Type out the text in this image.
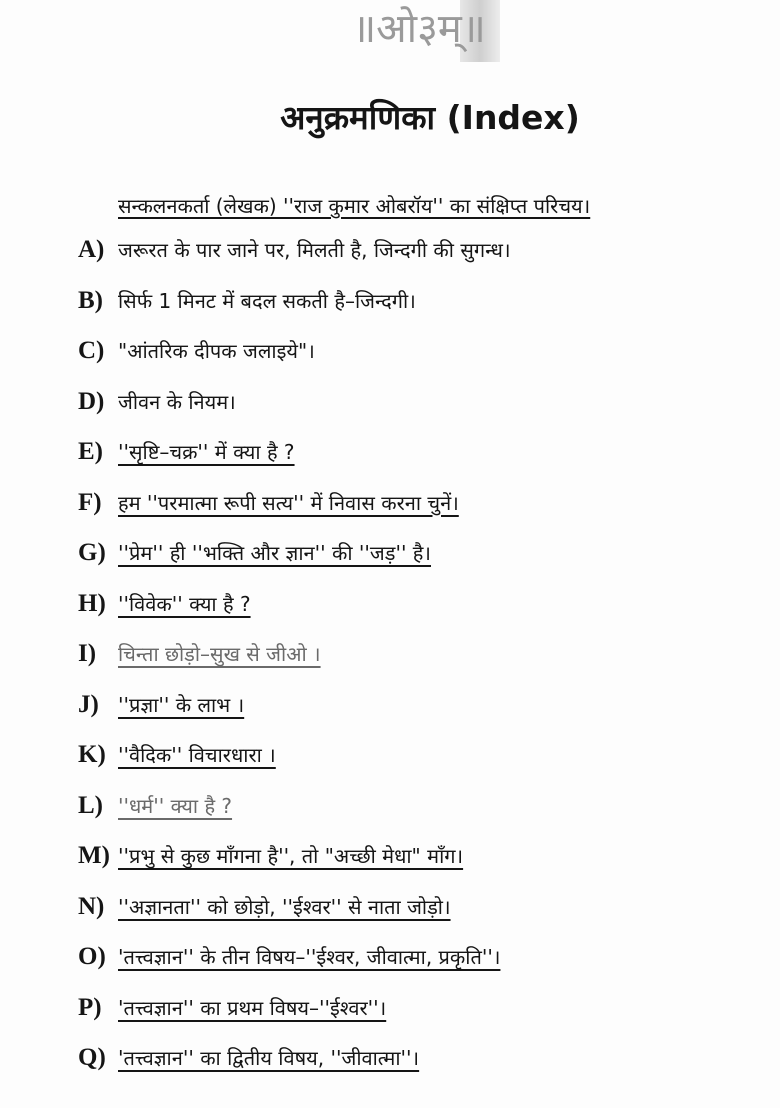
॥ओ३म्॥
अनुक्रमणिका (Index)
सन्कलनकर्ता (लेखक) ''राज कुमार ओबरॉय'' का संक्षिप्त परिचय।
A) जरूरत के पार जाने पर, मिलती है, जिन्दगी की सुगन्ध।
B) सिर्फ 1 मिनट में बदल सकती है–जिन्दगी।
C) "आंतरिक दीपक जलाइये"।
D) जीवन के नियम।
E) ''सृष्टि–चक्र'' में क्या है ?
F) हम ''परमात्मा रूपी सत्य'' में निवास करना चुनें।
G) ''प्रेम'' ही ''भक्ति और ज्ञान'' की ''जड़'' है।
H) ''विवेक'' क्या है ?
I)	चिन्ता छोड़ो–सुख से जीओ ।
J) ''प्रज्ञा'' के लाभ ।
K) ''वैदिक'' विचारधारा ।
L) ''धर्म'' क्या है ?
M) ''प्रभु से कुछ माँगना है'', तो "अच्छी मेधा" माँग।
N) ''अज्ञानता'' को छोड़ो, ''ईश्वर'' से नाता जोड़ो।
O) 'तत्त्वज्ञान'' के तीन विषय–''ईश्वर, जीवात्मा, प्रकृति''।
P) 'तत्त्वज्ञान'' का प्रथम विषय–''ईश्वर''।
Q) 'तत्त्वज्ञान'' का द्वितीय विषय, ''जीवात्मा''।
